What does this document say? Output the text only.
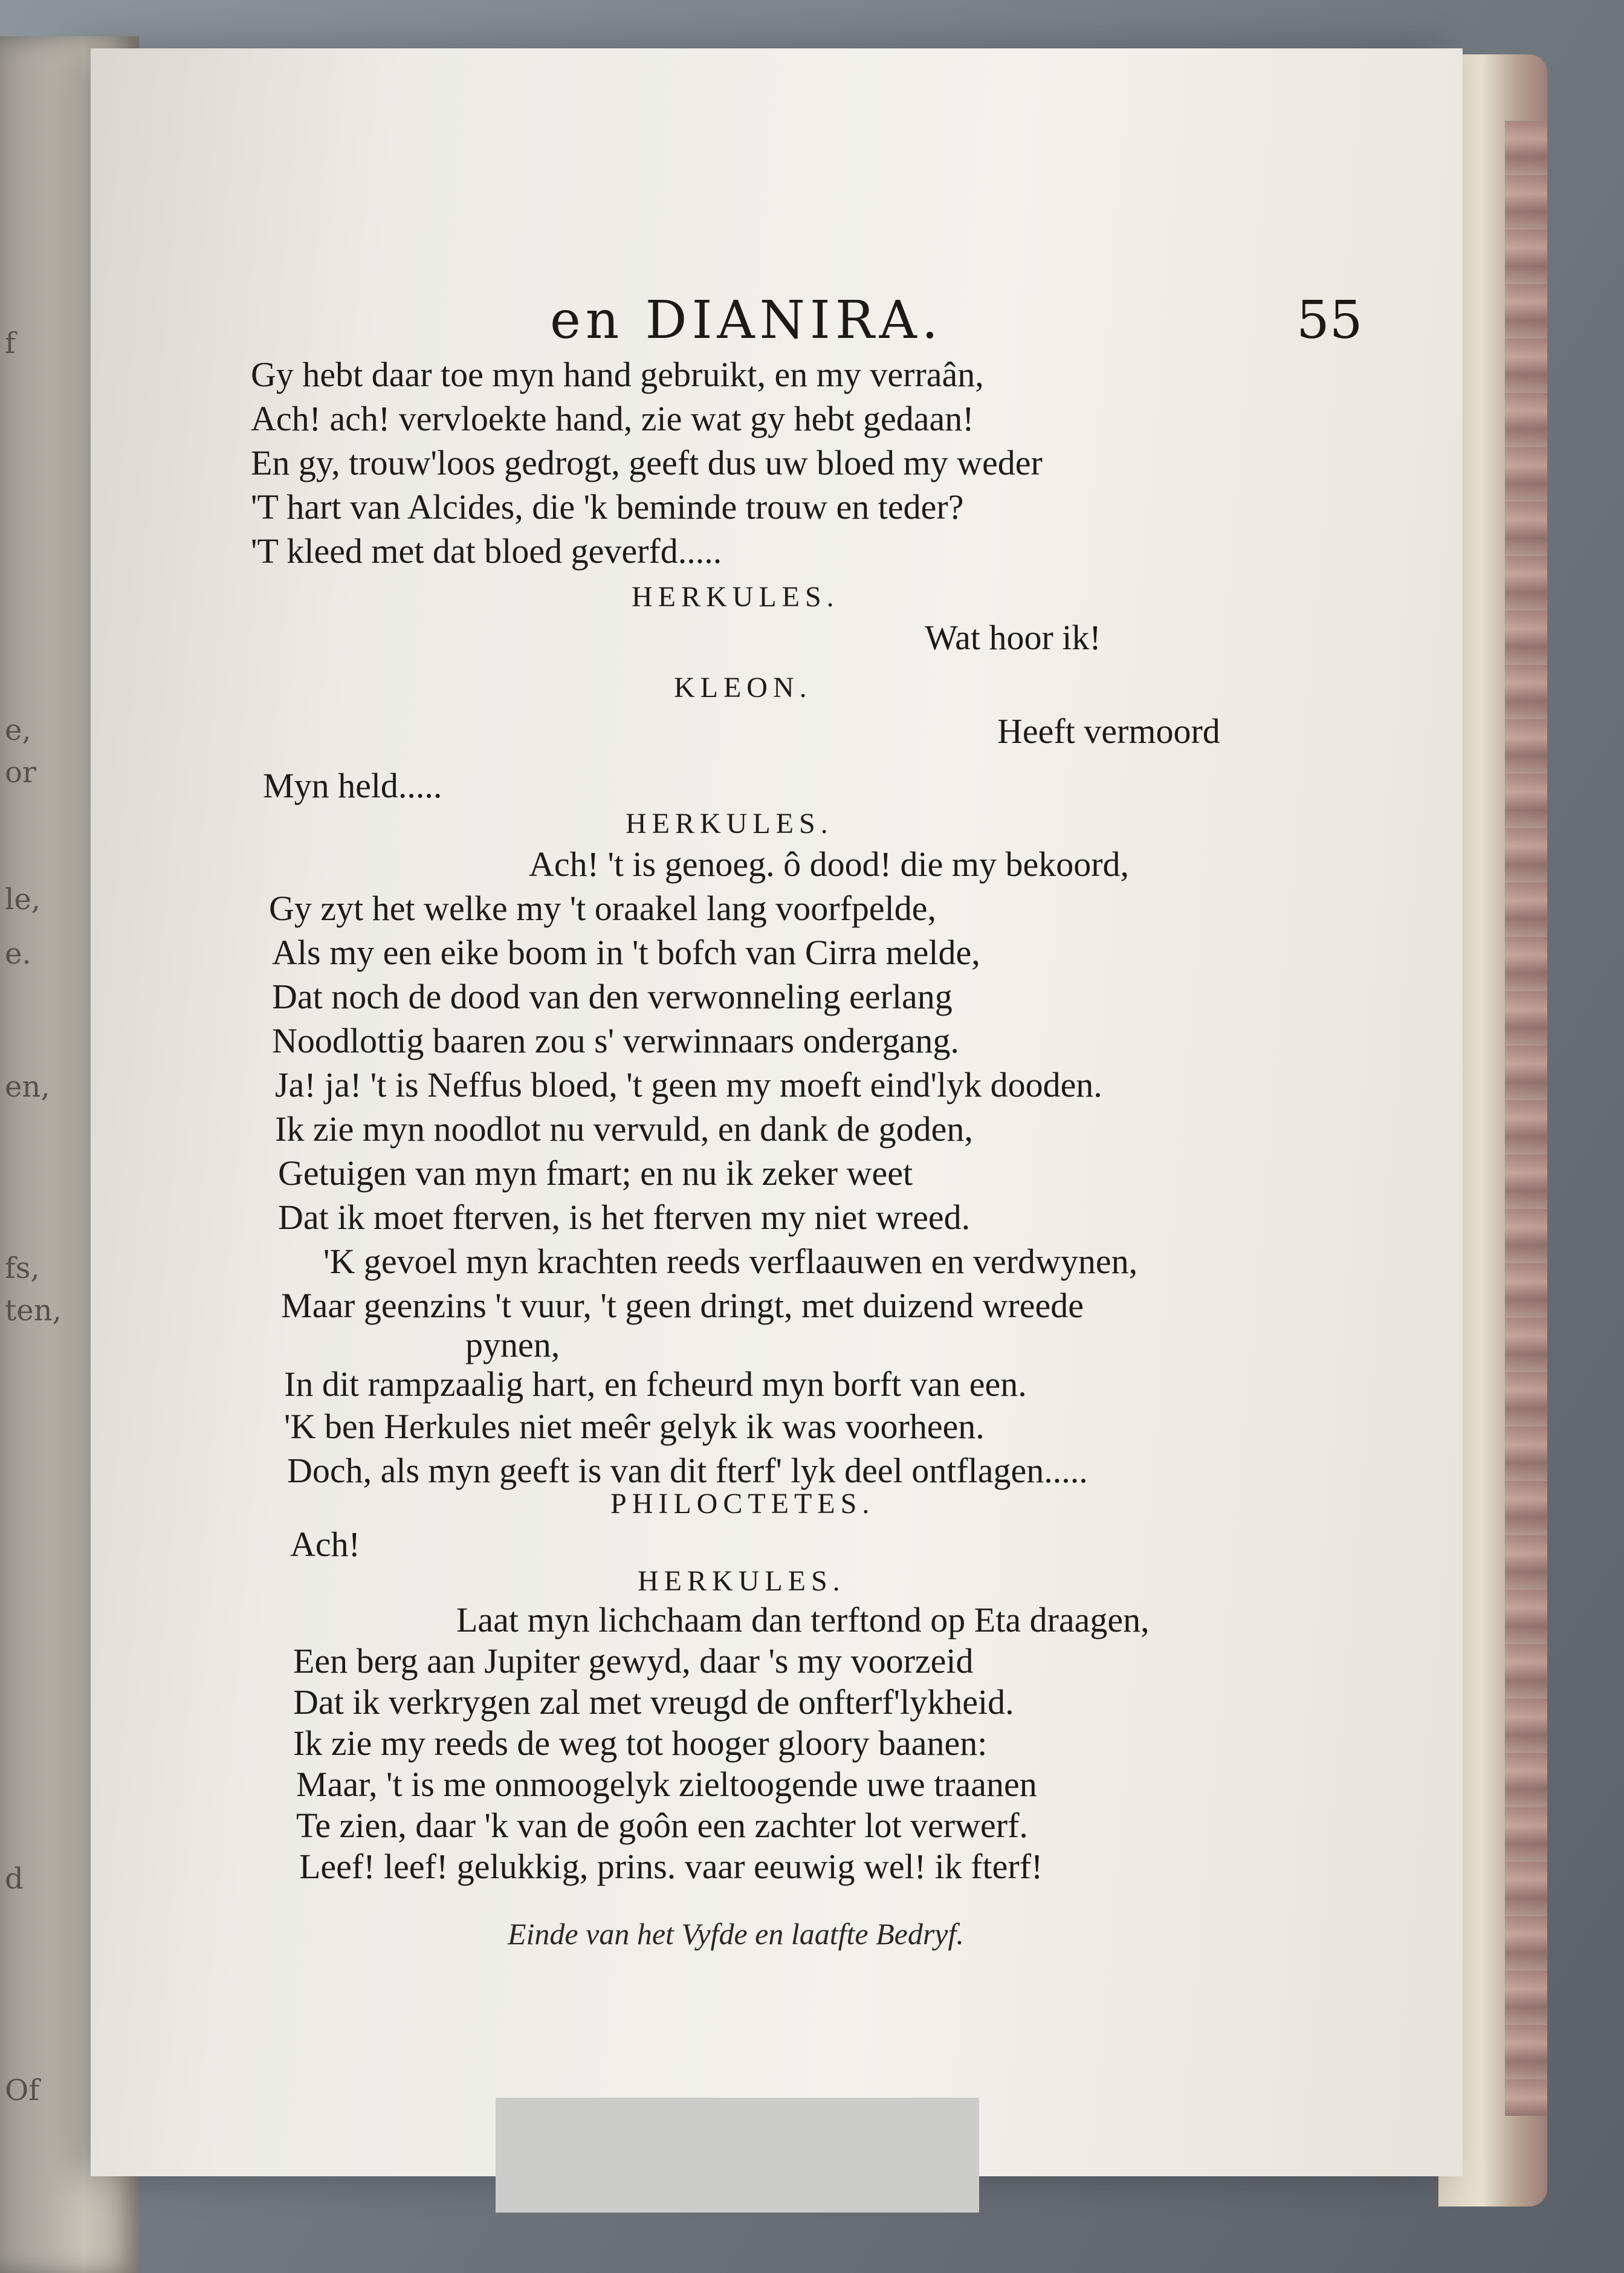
f
e,
or
le,
e.
en,
fs,
ten,
d
Of
en DIANIRA.	55
Gy hebt daar toe myn hand gebruikt, en my verraân,
Ach! ach! vervloekte hand, zie wat gy hebt gedaan!
En gy, trouw'loos gedrogt, geeft dus uw bloed my weder
'T hart van Alcides, die 'k beminde trouw en teder?
'T kleed met dat bloed geverfd.....
HERKULES.
Wat hoor ik!
KLEON.
Heeft vermoord
Myn held.....
HERKULES.
Ach! 't is genoeg. ô dood! die my bekoord,
Gy zyt het welke my 't oraakel lang voorfpelde,
Als my een eike boom in 't bofch van Cirra melde,
Dat noch de dood van den verwonneling eerlang
Noodlottig baaren zou s' verwinnaars ondergang.
Ja! ja! 't is Neffus bloed, 't geen my moeft eind'lyk dooden.
Ik zie myn noodlot nu vervuld, en dank de goden,
Getuigen van myn fmart; en nu ik zeker weet
Dat ik moet fterven, is het fterven my niet wreed.
'K gevoel myn krachten reeds verflaauwen en verdwynen,
Maar geenzins 't vuur, 't geen dringt, met duizend wreede
pynen,
In dit rampzaalig hart, en fcheurd myn borft van een.
'K ben Herkules niet meêr gelyk ik was voorheen.
Doch, als myn geeft is van dit fterf' lyk deel ontflagen.....
PHILOCTETES.
Ach!
HERKULES.
Laat myn lichchaam dan terftond op Eta draagen,
Een berg aan Jupiter gewyd, daar 's my voorzeid
Dat ik verkrygen zal met vreugd de onfterf'lykheid.
Ik zie my reeds de weg tot hooger gloory baanen:
Maar, 't is me onmoogelyk zieltoogende uwe traanen
Te zien, daar 'k van de goôn een zachter lot verwerf.
Leef! leef! gelukkig, prins. vaar eeuwig wel! ik fterf!
Einde van het Vyfde en laatfte Bedryf.
